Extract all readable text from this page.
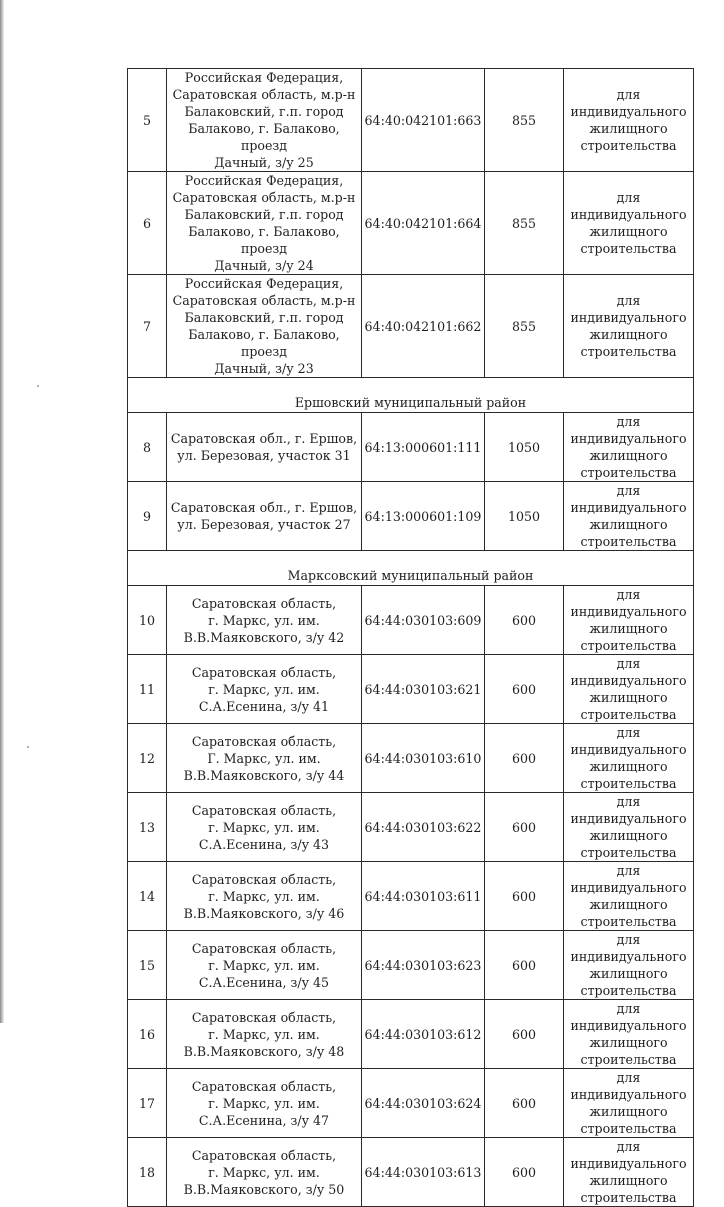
5	Российская Федерация,
Саратовская область, м.р-н
Балаковский, г.п. город
Балаково, г. Балаково, проезд
Дачный, з/у 25	64:40:042101:663	855	для индивидуального
жилищного
строительства
6	Российская Федерация,
Саратовская область, м.р-н
Балаковский, г.п. город
Балаково, г. Балаково, проезд
Дачный, з/у 24	64:40:042101:664	855	для индивидуального
жилищного
строительства
7	Российская Федерация,
Саратовская область, м.р-н
Балаковский, г.п. город
Балаково, г. Балаково, проезд
Дачный, з/у 23	64:40:042101:662	855	для индивидуального
жилищного
строительства
Ершовский муниципальный район				
8	Саратовская обл., г. Ершов,
ул. Березовая, участок 31	64:13:000601:111	1050	для индивидуального
жилищного
строительства
9	Саратовская обл., г. Ершов,
ул. Березовая, участок 27	64:13:000601:109	1050	для индивидуального
жилищного
строительства
Марксовский муниципальный район				
10	Саратовская область,
г. Маркс, ул. им.
В.В.Маяковского, з/у 42	64:44:030103:609	600	для индивидуального
жилищного
строительства
11	Саратовская область,
г. Маркс, ул. им.
С.А.Есенина, з/у 41	64:44:030103:621	600	для индивидуального
жилищного
строительства
12	Саратовская область,
Г. Маркс, ул. им.
В.В.Маяковского, з/у 44	64:44:030103:610	600	для индивидуального
жилищного
строительства
13	Саратовская область,
г. Маркс, ул. им.
С.А.Есенина, з/у 43	64:44:030103:622	600	для индивидуального
жилищного
строительства
14	Саратовская область,
г. Маркс, ул. им.
В.В.Маяковского, з/у 46	64:44:030103:611	600	для индивидуального
жилищного
строительства
15	Саратовская область,
г. Маркс, ул. им.
С.А.Есенина, з/у 45	64:44:030103:623	600	для индивидуального
жилищного
строительства
16	Саратовская область,
г. Маркс, ул. им.
В.В.Маяковского, з/у 48	64:44:030103:612	600	для индивидуального
жилищного
строительства
17	Саратовская область,
г. Маркс, ул. им.
С.А.Есенина, з/у 47	64:44:030103:624	600	для индивидуального
жилищного
строительства
18	Саратовская область,
г. Маркс, ул. им.
В.В.Маяковского, з/у 50	64:44:030103:613	600	для индивидуального
жилищного
строительства
